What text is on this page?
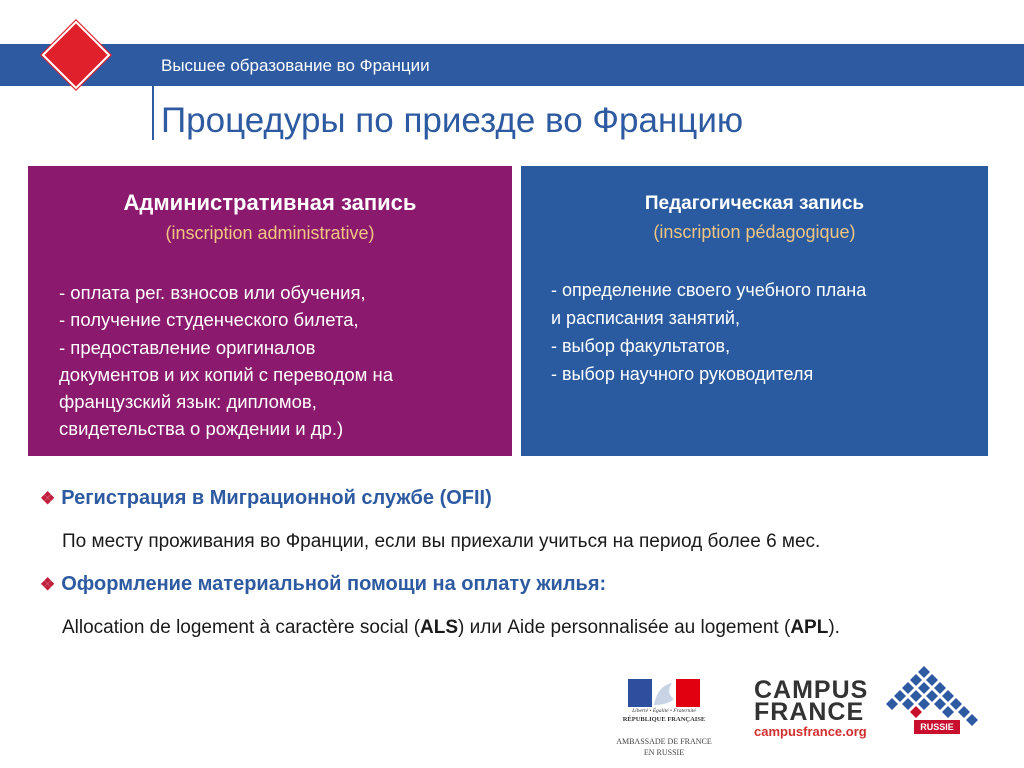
Высшее образование во Франции
Процедуры по приезде во Францию
Административная запись
(inscription administrative)
- оплата рег. взносов или обучения,
- получение студенческого билета,
- предоставление оригиналов
документов и их копий с переводом на
французский язык: дипломов,
свидетельства о рождении и др.)
Педагогическая запись
(inscription pédagogique)
- определение своего учебного плана
и расписания занятий,
- выбор факультатов,
- выбор научного руководителя
❖ Регистрация в Миграционной службе (OFII)
По месту проживания во Франции, если вы приехали учиться на период более 6 мес.
❖ Оформление материальной помощи на оплату жилья:
Allocation de logement à caractère social (ALS) или Aide personnalisée au logement (APL).
Liberté • Égalité • Fraternité
RÉPUBLIQUE FRANÇAISE
AMBASSADE DE FRANCE
EN RUSSIE
CAMPUS
FRANCE
campusfrance.org	RUSSIE
